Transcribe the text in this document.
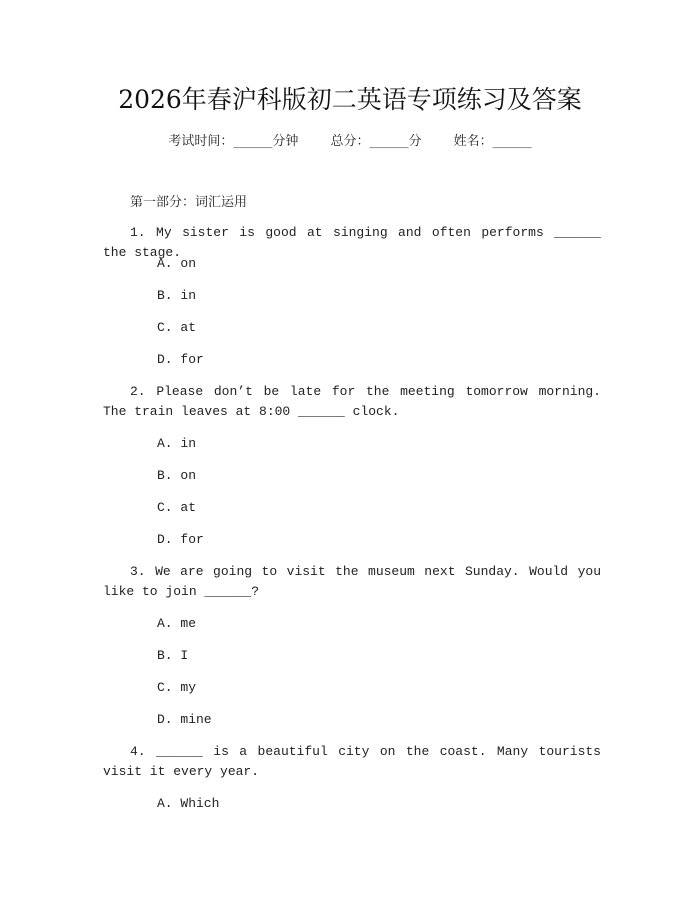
2026年春沪科版初二英语专项练习及答案
考试时间：______分钟 总分：______分 姓名：______
第一部分：词汇运用

1. My sister is good at singing and often performs ______ the stage.

A. on
B. in
C. at
D. for

2. Please don’t be late for the meeting tomorrow morning. The train leaves at 8:00 ______ clock.

A. in
B. on
C. at
D. for

3. We are going to visit the museum next Sunday. Would you like to join ______?

A. me
B. I
C. my
D. mine

4. ______ is a beautiful city on the coast. Many tourists visit it every year.

A. Which
